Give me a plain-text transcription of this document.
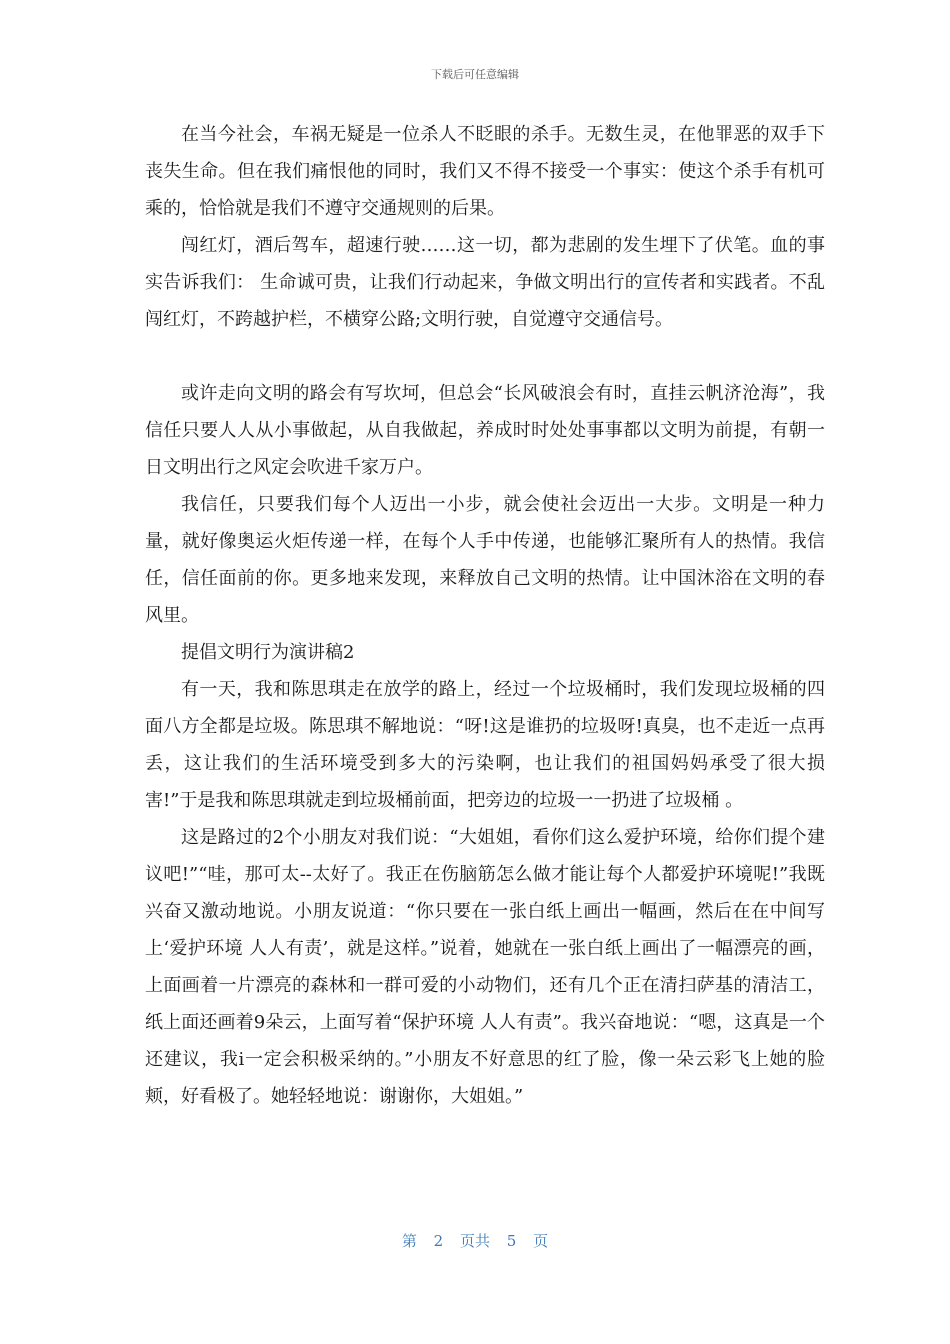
下载后可任意编辑

在当今社会，车祸无疑是一位杀人不眨眼的杀手。无数生灵，在他罪恶的双手下丧失生命。但在我们痛恨他的同时，我们又不得不接受一个事实：使这个杀手有机可乘的，恰恰就是我们不遵守交通规则的后果。

闯红灯，酒后驾车，超速行驶……这一切，都为悲剧的发生埋下了伏笔。血的事实告诉我们： 生命诚可贵，让我们行动起来，争做文明出行的宣传者和实践者。不乱闯红灯，不跨越护栏，不横穿公路;文明行驶，自觉遵守交通信号。

或许走向文明的路会有写坎坷，但总会“长风破浪会有时，直挂云帆济沧海”，我信任只要人人从小事做起，从自我做起，养成时时处处事事都以文明为前提，有朝一日文明出行之风定会吹进千家万户。

我信任，只要我们每个人迈出一小步，就会使社会迈出一大步。文明是一种力量，就好像奥运火炬传递一样，在每个人手中传递，也能够汇聚所有人的热情。我信任，信任面前的你。更多地来发现，来释放自己文明的热情。让中国沐浴在文明的春风里。

提倡文明行为演讲稿2

有一天，我和陈思琪走在放学的路上，经过一个垃圾桶时，我们发现垃圾桶的四面八方全都是垃圾。陈思琪不解地说：“呀!这是谁扔的垃圾呀!真臭，也不走近一点再丢，这让我们的生活环境受到多大的污染啊，也让我们的祖国妈妈承受了很大损害!”于是我和陈思琪就走到垃圾桶前面，把旁边的垃圾一一扔进了垃圾桶 。

这是路过的2个小朋友对我们说：“大姐姐，看你们这么爱护环境，给你们提个建议吧!”“哇，那可太--太好了。我正在伤脑筋怎么做才能让每个人都爱护环境呢!”我既兴奋又激动地说。小朋友说道：“你只要在一张白纸上画出一幅画，然后在在中间写上‘爱护环境 人人有责’，就是这样。”说着，她就在一张白纸上画出了一幅漂亮的画，上面画着一片漂亮的森林和一群可爱的小动物们，还有几个正在清扫萨基的清洁工，纸上面还画着9朵云，上面写着“保护环境 人人有责”。我兴奋地说：“嗯，这真是一个还建议，我i一定会积极采纳的。”小朋友不好意思的红了脸，像一朵云彩飞上她的脸颊，好看极了。她轻轻地说：谢谢你，大姐姐。”

第 2 页共 5 页
